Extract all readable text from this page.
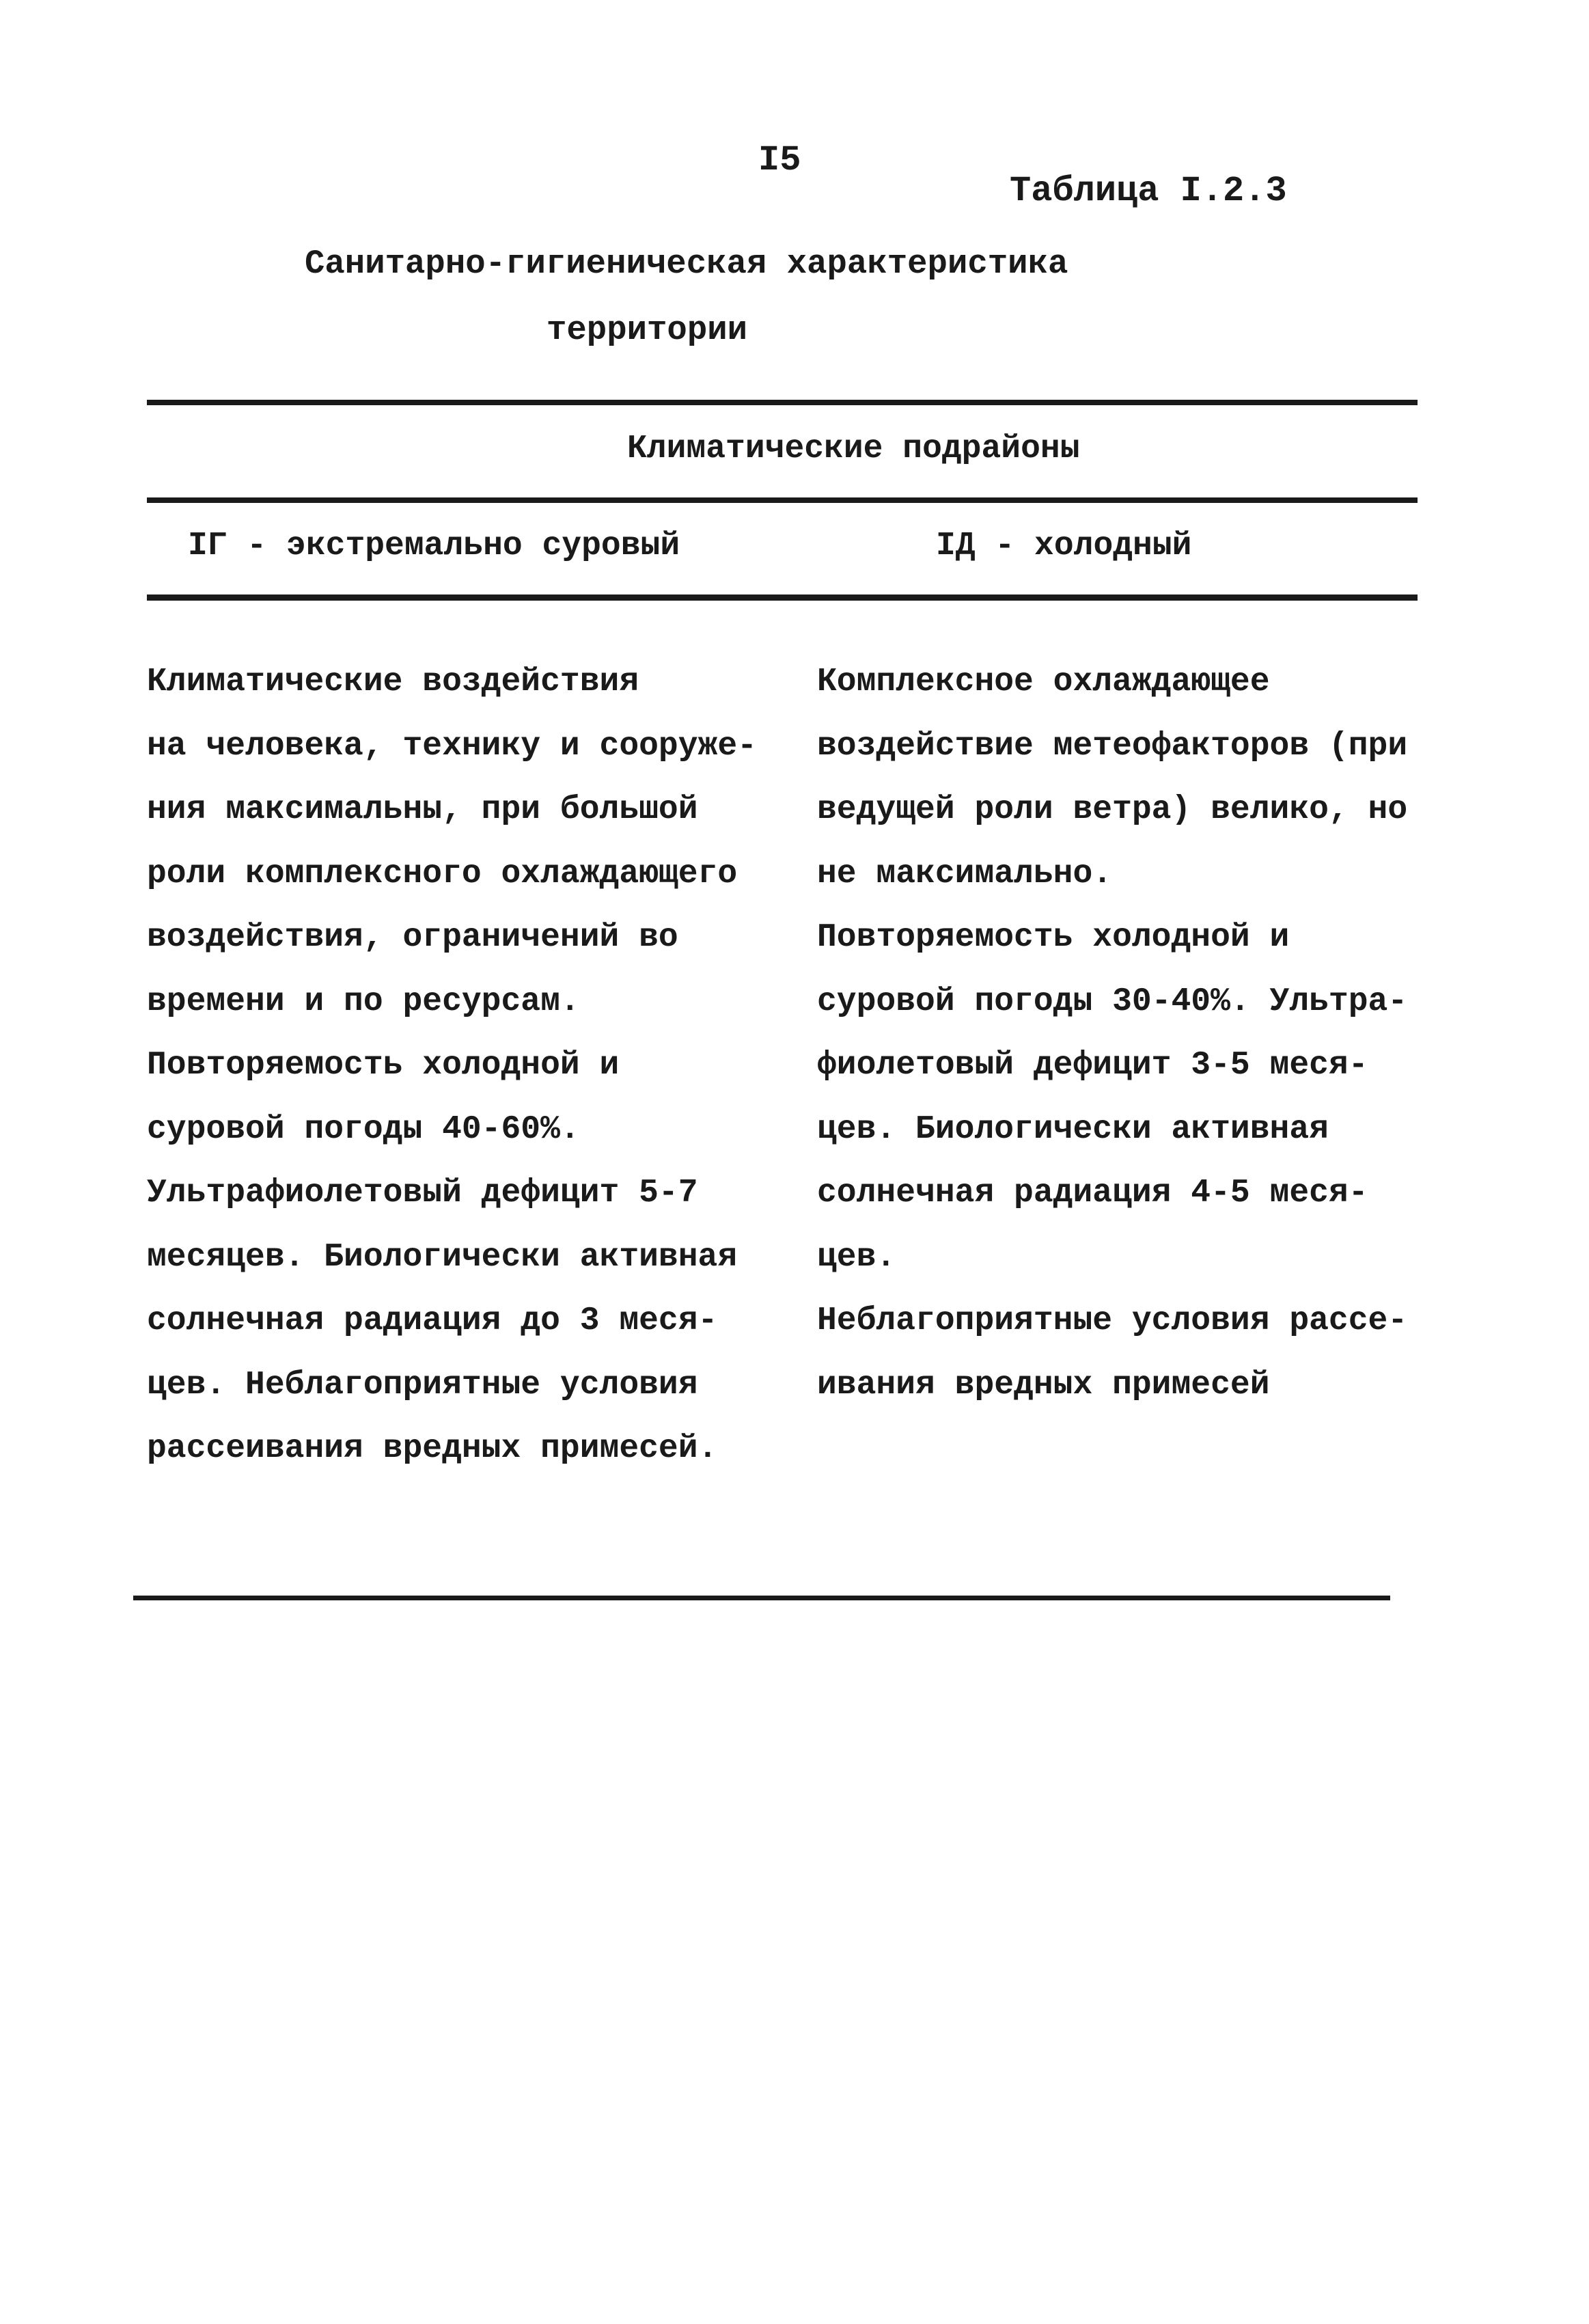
I5
Таблица I.2.3
Санитарно-гигиеническая характеристика
территории
Климатические подрайоны
IГ - экстремально суровый	IД - холодный
Климатические воздействия
на человека, технику и сооруже-
ния максимальны, при большой
роли комплексного охлаждающего
воздействия, ограничений во
времени и по ресурсам.
Повторяемость холодной и
суровой погоды 40-60%.
Ультрафиолетовый дефицит 5-7
месяцев. Биологически активная
солнечная радиация до 3 меся-
цев. Неблагоприятные условия
рассеивания вредных примесей.
Комплексное охлаждающее
воздействие метеофакторов (при
ведущей роли ветра) велико, но
не максимально.
Повторяемость холодной и
суровой погоды 30-40%. Ультра-
фиолетовый дефицит 3-5 меся-
цев. Биологически активная
солнечная радиация 4-5 меся-
цев.
Неблагоприятные условия рассе-
ивания вредных примесей
